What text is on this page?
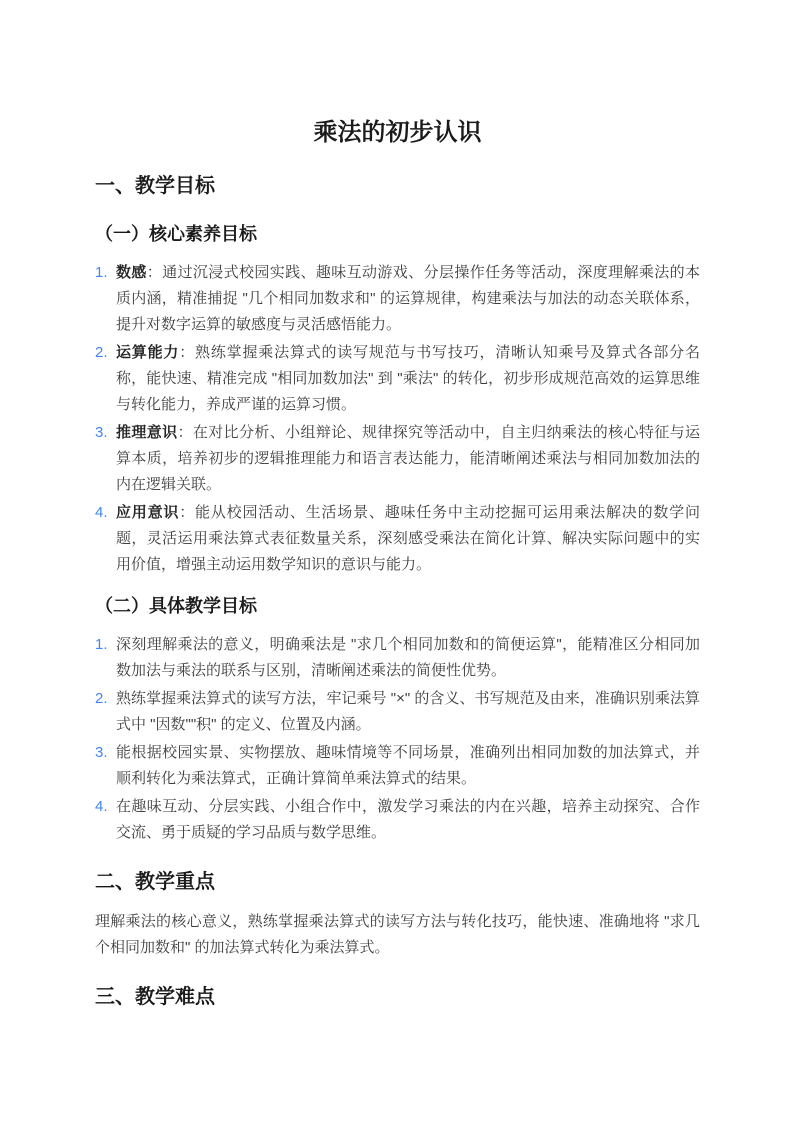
乘法的初步认识
一、教学目标
（一）核心素养目标
1. 数感：通过沉浸式校园实践、趣味互动游戏、分层操作任务等活动，深度理解乘法的本质内涵，精准捕捉 "几个相同加数求和" 的运算规律，构建乘法与加法的动态关联体系，提升对数字运算的敏感度与灵活感悟能力。

2. 运算能力：熟练掌握乘法算式的读写规范与书写技巧，清晰认知乘号及算式各部分名称，能快速、精准完成 "相同加数加法" 到 "乘法" 的转化，初步形成规范高效的运算思维与转化能力，养成严谨的运算习惯。

3. 推理意识：在对比分析、小组辩论、规律探究等活动中，自主归纳乘法的核心特征与运算本质，培养初步的逻辑推理能力和语言表达能力，能清晰阐述乘法与相同加数加法的内在逻辑关联。

4. 应用意识：能从校园活动、生活场景、趣味任务中主动挖掘可运用乘法解决的数学问题，灵活运用乘法算式表征数量关系，深刻感受乘法在简化计算、解决实际问题中的实用价值，增强主动运用数学知识的意识与能力。

（二）具体教学目标
1. 深刻理解乘法的意义，明确乘法是 "求几个相同加数和的简便运算"，能精准区分相同加数加法与乘法的联系与区别，清晰阐述乘法的简便性优势。

2. 熟练掌握乘法算式的读写方法，牢记乘号 "×" 的含义、书写规范及由来，准确识别乘法算式中 "因数""积" 的定义、位置及内涵。

3. 能根据校园实景、实物摆放、趣味情境等不同场景，准确列出相同加数的加法算式，并顺利转化为乘法算式，正确计算简单乘法算式的结果。

4. 在趣味互动、分层实践、小组合作中，激发学习乘法的内在兴趣，培养主动探究、合作交流、勇于质疑的学习品质与数学思维。

二、教学重点

理解乘法的核心意义，熟练掌握乘法算式的读写方法与转化技巧，能快速、准确地将 "求几个相同加数和" 的加法算式转化为乘法算式。

三、教学难点
